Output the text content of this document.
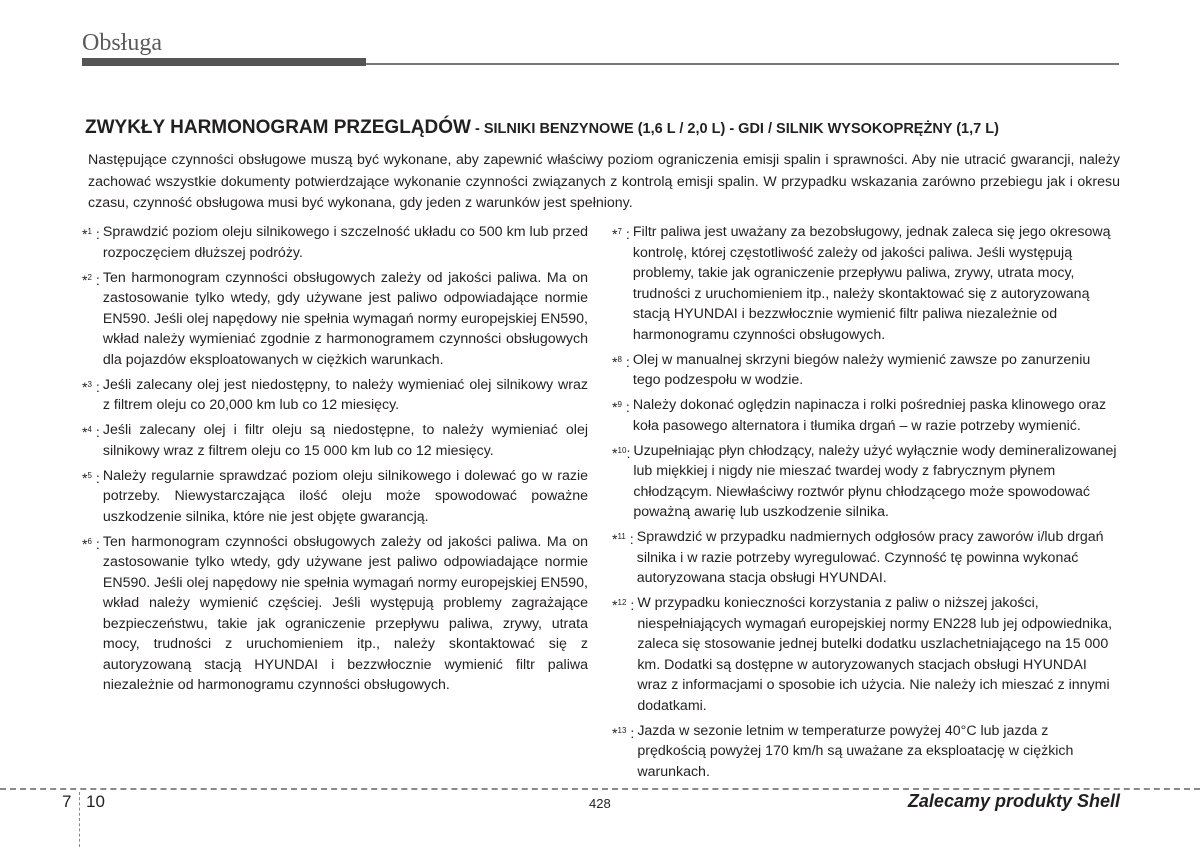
Obsługa
ZWYKŁY HARMONOGRAM PRZEGLĄDÓW - SILNIKI BENZYNOWE (1,6 L / 2,0 L) - GDI / SILNIK WYSOKOPRĘŻNY (1,7 L)
Następujące czynności obsługowe muszą być wykonane, aby zapewnić właściwy poziom ograniczenia emisji spalin i sprawności. Aby nie utracić gwarancji, należy zachować wszystkie dokumenty potwierdzające wykonanie czynności związanych z kontrolą emisji spalin. W przypadku wskazania zarówno przebiegu jak i okresu czasu, czynność obsługowa musi być wykonana, gdy jeden z warunków jest spełniony.
*$^1$ : Sprawdzić poziom oleju silnikowego i szczelność układu co 500 km lub przed rozpoczęciem dłuższej podróży.
*$^2$ : Ten harmonogram czynności obsługowych zależy od jakości paliwa. Ma on zastosowanie tylko wtedy, gdy używane jest paliwo odpowiadające normie EN590. Jeśli olej napędowy nie spełnia wymagań normy europejskiej EN590, wkład należy wymieniać zgodnie z harmonogramem czynności obsługowych dla pojazdów eksploatowanych w ciężkich warunkach.
*$^3$ : Jeśli zalecany olej jest niedostępny, to należy wymieniać olej silnikowy wraz z filtrem oleju co 20,000 km lub co 12 miesięcy.
*$^4$ : Jeśli zalecany olej i filtr oleju są niedostępne, to należy wymieniać olej silnikowy wraz z filtrem oleju co 15 000 km lub co 12 miesięcy.
*$^5$ : Należy regularnie sprawdzać poziom oleju silnikowego i dolewać go w razie potrzeby. Niewystarczająca ilość oleju może spowodować poważne uszkodzenie silnika, które nie jest objęte gwarancją.
*$^6$ : Ten harmonogram czynności obsługowych zależy od jakości paliwa. Ma on zastosowanie tylko wtedy, gdy używane jest paliwo odpowiadające normie EN590. Jeśli olej napędowy nie spełnia wymagań normy europejskiej EN590, wkład należy wymienić częściej. Jeśli występują problemy zagrażające bezpieczeństwu, takie jak ograniczenie przepływu paliwa, zrywy, utrata mocy, trudności z uruchomieniem itp., należy skontaktować się z autoryzowaną stacją HYUNDAI i bezzwłocznie wymienić filtr paliwa niezależnie od harmonogramu czynności obsługowych.
*$^7$ : Filtr paliwa jest uważany za bezobsługowy, jednak zaleca się jego okresową kontrolę, której częstotliwość zależy od jakości paliwa. Jeśli występują problemy, takie jak ograniczenie przepływu paliwa, zrywy, utrata mocy, trudności z uruchomieniem itp., należy skontaktować się z autoryzowaną stacją HYUNDAI i bezzwłocznie wymienić filtr paliwa niezależnie od harmonogramu czynności obsługowych.
*$^8$ : Olej w manualnej skrzyni biegów należy wymienić zawsze po zanurzeniu tego podzespołu w wodzie.
*$^9$ : Należy dokonać oględzin napinacza i rolki pośredniej paska klinowego oraz koła pasowego alternatora i tłumika drgań – w razie potrzeby wymienić.
*$^{10}$: Uzupełniając płyn chłodzący, należy użyć wyłącznie wody demineralizowanej lub miękkiej i nigdy nie mieszać twardej wody z fabrycznym płynem chłodzącym. Niewłaściwy roztwór płynu chłodzącego może spowodować poważną awarię lub uszkodzenie silnika.
*$^{11}$ : Sprawdzić w przypadku nadmiernych odgłosów pracy zaworów i/lub drgań silnika i w razie potrzeby wyregulować. Czynność tę powinna wykonać autoryzowana stacja obsługi HYUNDAI.
*$^{12}$ : W przypadku konieczności korzystania z paliw o niższej jakości, niespełniających wymagań europejskiej normy EN228 lub jej odpowiednika, zaleca się stosowanie jednej butelki dodatku uszlachetniającego na 15 000 km. Dodatki są dostępne w autoryzowanych stacjach obsługi HYUNDAI wraz z informacjami o sposobie ich użycia. Nie należy ich mieszać z innymi dodatkami.
*$^{13}$ : Jazda w sezonie letnim w temperaturze powyżej 40°C lub jazda z prędkością powyżej 170 km/h są uważane za eksploatację w ciężkich warunkach.
7 10	428	Zalecamy produkty Shell
